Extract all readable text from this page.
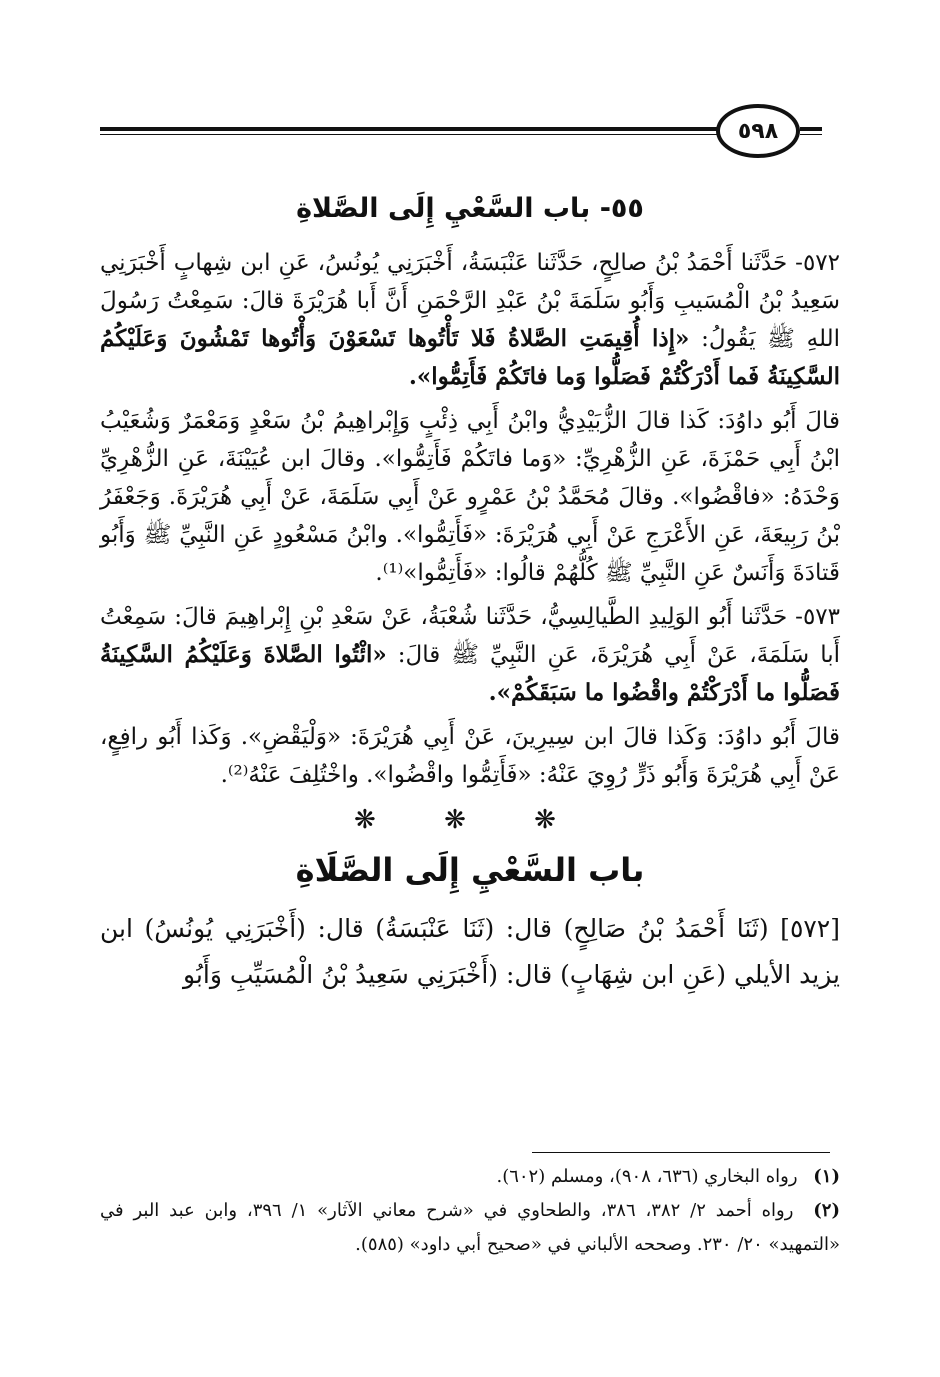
٥٩٨
٥٥- باب السَّعْيِ إِلَى الصَّلاةِ

٥٧٢- حَدَّثَنا أَحْمَدُ بْنُ صالِحٍ، حَدَّثَنا عَنْبَسَةُ، أَخْبَرَنِي يُونُسُ، عَنِ ابن شِهابٍ أَخْبَرَنِي سَعِيدُ بْنُ الْمُسَيبِ وَأَبُو سَلَمَةَ بْنُ عَبْدِ الرَّحْمَنِ أَنَّ أَبا هُرَيْرَةَ قالَ: سَمِعْتُ رَسُولَ اللهِ ﷺ يَقُولُ: «إِذا أُقِيمَتِ الصَّلاةُ فَلا تَأْتُوها تَسْعَوْنَ وَأْتُوها تَمْشُونَ وَعَلَيْكُمُ السَّكِينَةُ فَما أَدْرَكْتُمْ فَصَلُّوا وَما فاتَكُمْ فَأَتِمُّوا».

قالَ أَبُو داوُدَ: كَذا قالَ الزُّبَيْدِيُّ وابْنُ أَبِي ذِئْبٍ وَإِبْراهِيمُ بْنُ سَعْدٍ وَمَعْمَرٌ وَشُعَيْبُ ابْنُ أَبِي حَمْزَةَ، عَنِ الزُّهْرِيِّ: «وَما فاتَكُمْ فَأَتِمُّوا». وقالَ ابن عُيَيْنَةَ، عَنِ الزُّهْرِيِّ وَحْدَهُ: «فاقْضُوا». وقالَ مُحَمَّدُ بْنُ عَمْرٍو عَنْ أَبِي سَلَمَةَ، عَنْ أَبِي هُرَيْرَةَ. وَجَعْفَرُ بْنُ رَبِيعَةَ، عَنِ الأَعْرَجِ عَنْ أَبِي هُرَيْرَةَ: «فَأَتِمُّوا». وابْنُ مَسْعُودٍ عَنِ النَّبِيِّ ﷺ وَأَبُو قَتادَةَ وَأَنَسٌ عَنِ النَّبِيِّ ﷺ كُلُّهُمْ قالُوا: «فَأَتِمُّوا»⁽¹⁾.

٥٧٣- حَدَّثَنا أَبُو الوَلِيدِ الطَّيالِسِيُّ، حَدَّثَنا شُعْبَةُ، عَنْ سَعْدِ بْنِ إِبْراهِيمَ قالَ: سَمِعْتُ أَبا سَلَمَةَ، عَنْ أَبِي هُرَيْرَةَ، عَنِ النَّبِيِّ ﷺ قالَ: «ائْتُوا الصَّلاةَ وَعَلَيْكُمُ السَّكِينَةُ فَصَلُّوا ما أَدْرَكْتُمْ واقْضُوا ما سَبَقَكُمْ».

قالَ أَبُو داوُدَ: وَكَذا قالَ ابن سِيرِينَ، عَنْ أَبِي هُرَيْرَةَ: «وَلْيَقْضِ». وَكَذا أَبُو رافِعٍ، عَنْ أَبِي هُرَيْرَةَ وَأَبُو ذَرٍّ رُوِيَ عَنْهُ: «فَأَتِمُّوا واقْضُوا». واخْتُلِفَ عَنْهُ⁽²⁾.

❋ ❋ ❋
باب السَّعْيِ إِلَى الصَّلَاةِ

[٥٧٢] (ثَنَا أَحْمَدُ بْنُ صَالِحٍ) قال: (ثَنَا عَنْبَسَةُ) قال: (أَخْبَرَنِي يُونُسُ) ابن يزيد الأيلي (عَنِ ابن شِهَابٍ) قال: (أَخْبَرَنِي سَعِيدُ بْنُ الْمُسَيِّبِ وَأَبُو

(١) رواه البخاري (٦٣٦، ٩٠٨)، ومسلم (٦٠٢).

(٢) رواه أحمد ٢/ ٣٨٢، ٣٨٦، والطحاوي في «شرح معاني الآثار» ١/ ٣٩٦، وابن عبد البر في «التمهيد» ٢٠/ ٢٣٠. وصححه الألباني في «صحيح أبي داود» (٥٨٥).
